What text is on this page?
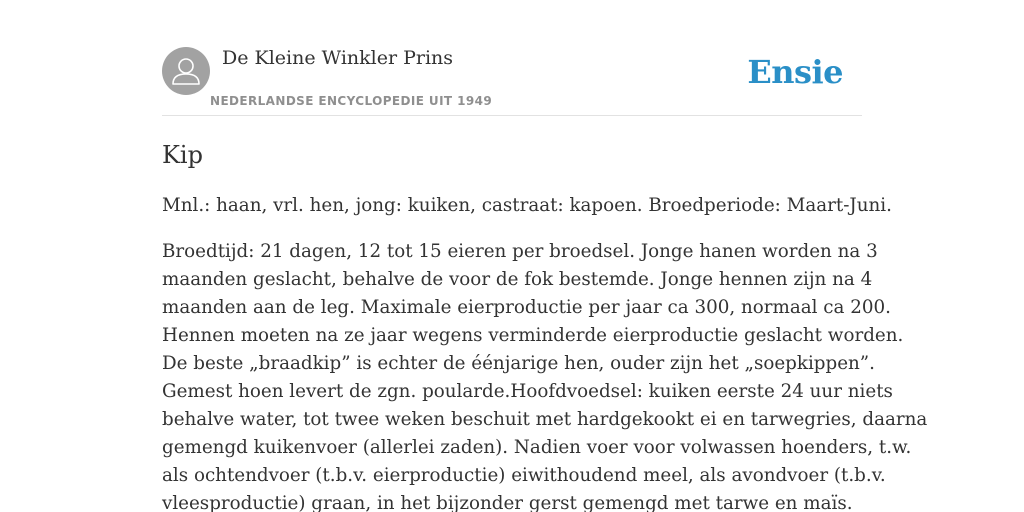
De Kleine Winkler Prins
NEDERLANDSE ENCYCLOPEDIE UIT 1949
Ensie
Kip

Mnl.: haan, vrl. hen, jong: kuiken, castraat: kapoen. Broedperiode: Maart-Juni.

Broedtijd: 21 dagen, 12 tot 15 eieren per broedsel. Jonge hanen worden na 3
maanden geslacht, behalve de voor de fok bestemde. Jonge hennen zijn na 4
maanden aan de leg. Maximale eierproductie per jaar ca 300, normaal ca 200.
Hennen moeten na ze jaar wegens verminderde eierproductie geslacht worden.
De beste „braadkip” is echter de éénjarige hen, ouder zijn het „soepkippen”.
Gemest hoen levert de zgn. poularde.Hoofdvoedsel: kuiken eerste 24 uur niets
behalve water, tot twee weken beschuit met hardgekookt ei en tarwegries, daarna
gemengd kuikenvoer (allerlei zaden). Nadien voer voor volwassen hoenders, t.w.
als ochtendvoer (t.b.v. eierproductie) eiwithoudend meel, als avondvoer (t.b.v.
vleesproductie) graan, in het bijzonder gerst gemengd met tarwe en maïs.
